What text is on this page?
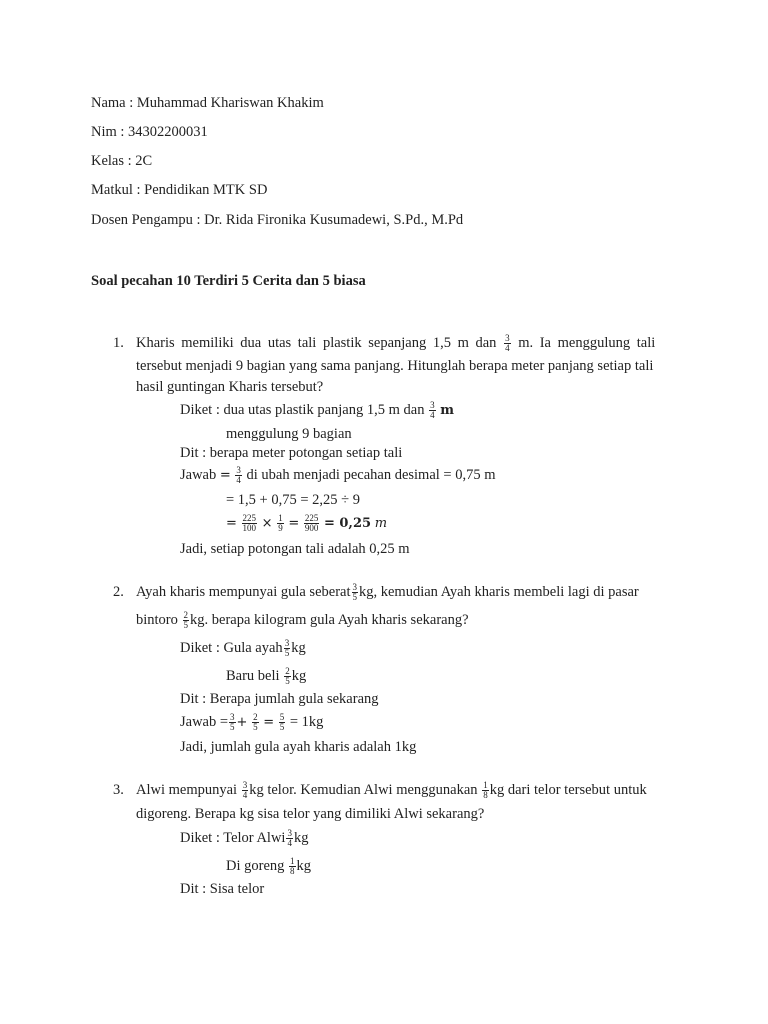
Nama : Muhammad Khariswan Khakim
Nim : 34302200031
Kelas : 2C
Matkul : Pendidikan MTK SD
Dosen Pengampu : Dr. Rida Fironika Kusumadewi, S.Pd., M.Pd
Soal pecahan 10 Terdiri 5 Cerita dan 5 biasa
1. Kharis memiliki dua utas tali plastik sepanjang 1,5 m dan $\frac{3}{4} m$. Ia menggulung tali
tersebut menjadi 9 bagian yang sama panjang. Hitunglah berapa meter panjang setiap tali
hasil guntingan Kharis tersebut?
Diket : dua utas plastik panjang 1,5 m dan $\frac{3}{4}$ m
menggulung 9 bagian
Dit : berapa meter potongan setiap tali
Jawab = $\frac{3}{4}$ di ubah menjadi pecahan desimal = 0,75 m
= 1,5 + 0,75 = 2,25 ÷ 9
= $\frac{225}{100} \times \frac{1}{9} = \frac{225}{900} = 0,25$ m
Jadi, setiap potongan tali adalah 0,25 m
2. Ayah kharis mempunyai gula seberat $\frac{3}{5}$ kg, kemudian Ayah kharis membeli lagi di pasar
bintoro $\frac{2}{5}$ kg. berapa kilogram gula Ayah kharis sekarang?
Diket : Gula ayah $\frac{3}{5}$ kg
Baru beli $\frac{2}{5}$ kg
Dit : Berapa jumlah gula sekarang
Jawab = $\frac{3}{5} + \frac{2}{5} = \frac{5}{5} = 1kg$
Jadi, jumlah gula ayah kharis adalah 1kg
3. Alwi mempunyai $\frac{3}{4}$ kg telor. Kemudian Alwi menggunakan $\frac{1}{8}$ kg dari telor tersebut untuk
digoreng. Berapa kg sisa telor yang dimiliki Alwi sekarang?
Diket : Telor Alwi $\frac{3}{4}$ kg
Di goreng $\frac{1}{8}$ kg
Dit : Sisa telor
